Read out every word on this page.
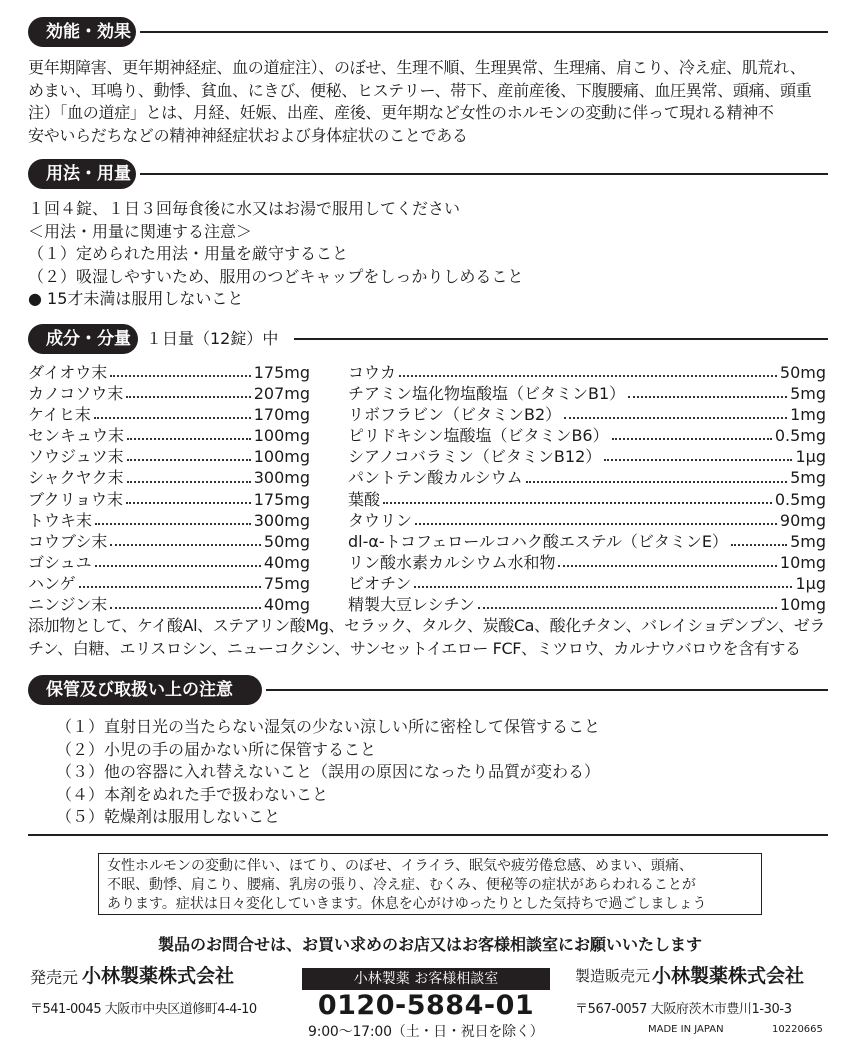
効能・効果
更年期障害、更年期神経症、血の道症注）、のぼせ、生理不順、生理異常、生理痛、肩こり、冷え症、肌荒れ、
めまい、耳鳴り、動悸、貧血、にきび、便秘、ヒステリー、帯下、産前産後、下腹腰痛、血圧異常、頭痛、頭重
注）「血の道症」とは、月経、妊娠、出産、産後、更年期など女性のホルモンの変動に伴って現れる精神不
安やいらだちなどの精神神経症状および身体症状のことである
用法・用量
１回４錠、１日３回毎食後に水又はお湯で服用してください
＜用法・用量に関連する注意＞
（１）定められた用法・用量を厳守すること
（２）吸湿しやすいため、服用のつどキャップをしっかりしめること
● 15才未満は服用しないこと
成分・分量 １日量（12錠）中
ダイオウ末	175mg
カノコソウ末	207mg
ケイヒ末	170mg
センキュウ末	100mg
ソウジュツ末	100mg
シャクヤク末	300mg
ブクリョウ末	175mg
トウキ末	300mg
コウブシ末	50mg
ゴシュユ	40mg
ハンゲ	75mg
ニンジン末	40mg
コウカ	50mg
チアミン塩化物塩酸塩（ビタミンB1）	5mg
リボフラビン（ビタミンB2）	1mg
ピリドキシン塩酸塩（ビタミンB6）	0.5mg
シアノコバラミン（ビタミンB12）	1μg
パントテン酸カルシウム	5mg
葉酸	0.5mg
タウリン	90mg
dl-α-トコフェロールコハク酸エステル（ビタミンE）	5mg
リン酸水素カルシウム水和物	10mg
ビオチン	1μg
精製大豆レシチン	10mg
添加物として、ケイ酸Al、ステアリン酸Mg、セラック、タルク、炭酸Ca、酸化チタン、バレイショデンプン、ゼラ
チン、白糖、エリスロシン、ニューコクシン、サンセットイエロー FCF、ミツロウ、カルナウバロウを含有する
保管及び取扱い上の注意
（１）直射日光の当たらない湿気の少ない涼しい所に密栓して保管すること
（２）小児の手の届かない所に保管すること
（３）他の容器に入れ替えないこと（誤用の原因になったり品質が変わる）
（４）本剤をぬれた手で扱わないこと
（５）乾燥剤は服用しないこと
女性ホルモンの変動に伴い、ほてり、のぼせ、イライラ、眠気や疲労倦怠感、めまい、頭痛、
不眠、動悸、肩こり、腰痛、乳房の張り、冷え症、むくみ、便秘等の症状があらわれることが
あります。症状は日々変化していきます。休息を心がけゆったりとした気持ちで過ごしましょう
製品のお問合せは、お買い求めのお店又はお客様相談室にお願いいたします
発売元 小林製薬株式会社
〒541-0045 大阪市中央区道修町4-4-10
小林製薬 お客様相談室
0120-5884-01
9:00〜17:00（土・日・祝日を除く）
製造販売元 小林製薬株式会社
〒567-0057 大阪府茨木市豊川1-30-3
MADE IN JAPAN	10220665
